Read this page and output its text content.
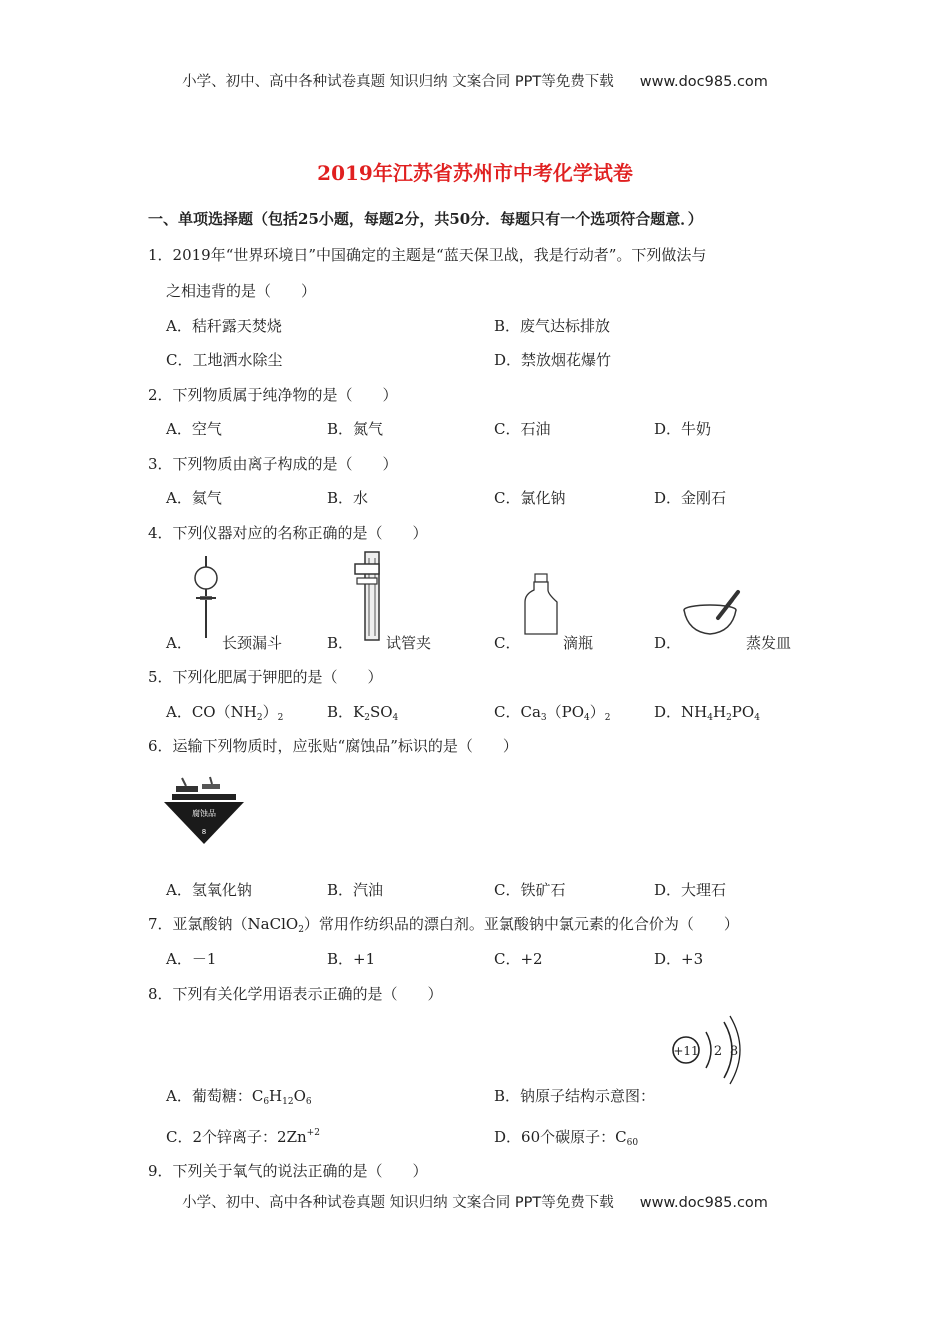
小学、初中、高中各种试卷真题 知识归纳 文案合同 PPT等免费下载 www.doc985.com
2019年江苏省苏州市中考化学试卷
一、单项选择题（包括25小题，每题2分，共50分．每题只有一个选项符合题意．）
1．2019年“世界环境日”中国确定的主题是“蓝天保卫战，我是行动者”。下列做法与
之相违背的是（　　）
A．秸秆露天焚烧	B．废气达标排放
C．工地洒水除尘	D．禁放烟花爆竹
2．下列物质属于纯净物的是（　　）
A．空气	B．氮气	C．石油	D．牛奶
3．下列物质由离子构成的是（　　）
A．氦气	B．水	C．氯化钠	D．金刚石
4．下列仪器对应的名称正确的是（　　）
A． 长颈漏斗	B． 试管夹	C．	滴瓶	D．	蒸发皿
5．下列化肥属于钾肥的是（　　）
A．$CO(NH_2)_2$	B．$K_2SO_4$	C．$Ca_3(PO_4)_2$	D．$NH_4H_2PO_4$
6．运输下列物质时，应张贴“腐蚀品”标识的是（　　）
腐蚀品
8
A．氢氧化钠	B．汽油	C．铁矿石	D．大理石
7．亚氯酸钠（NaClO$_2$）常用作纺织品的漂白剂。亚氯酸钠中氯元素的化合价为（　　）
A．－1	B．+1	C．+2	D．+3
8．下列有关化学用语表示正确的是（　　）
+11 2 8
A．葡萄糖：$C_6H_{12}O_6$	B．钠原子结构示意图：
C．2个锌离子：$2Zn^{+2}$	D．60个碳原子：$C_{60}$
9．下列关于氧气的说法正确的是（　　）
小学、初中、高中各种试卷真题 知识归纳 文案合同 PPT等免费下载 www.doc985.com
